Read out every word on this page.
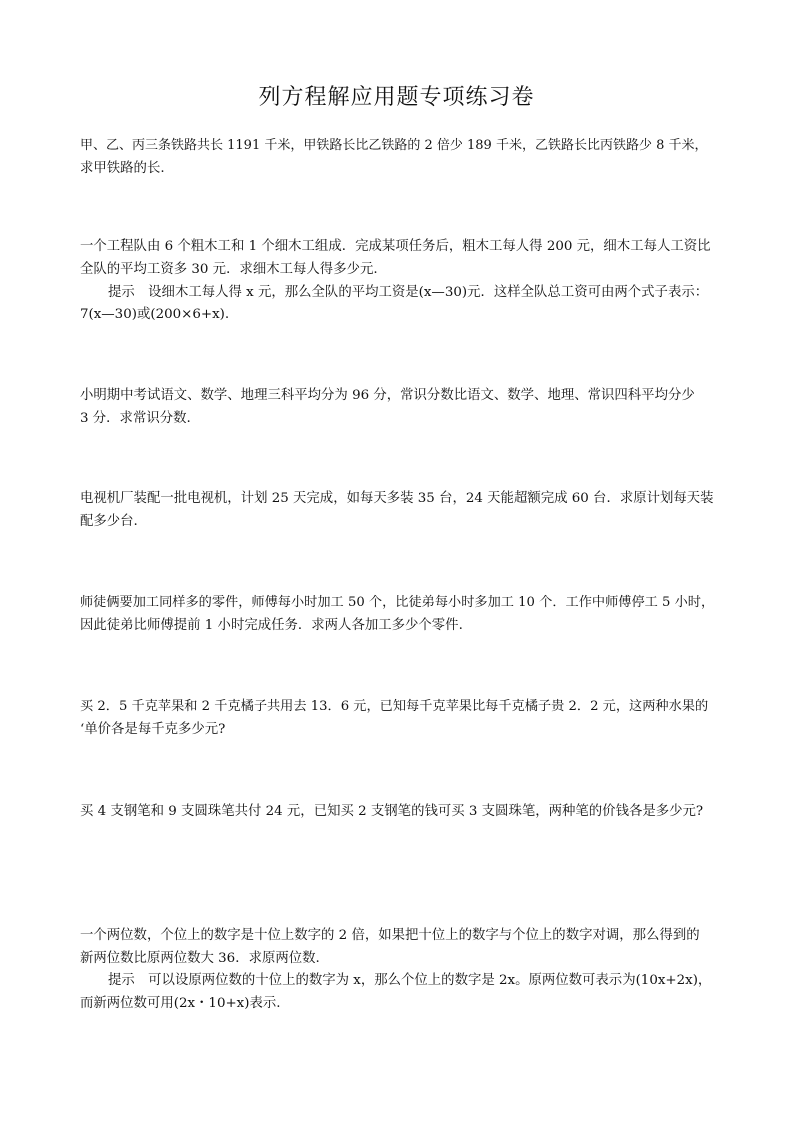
列方程解应用题专项练习卷
甲、乙、丙三条铁路共长 1191 千米，甲铁路长比乙铁路的 2 倍少 189 千米，乙铁路长比丙铁路少 8 千米，
求甲铁路的长.
一个工程队由 6 个粗木工和 1 个细木工组成．完成某项任务后，粗木工每人得 200 元，细木工每人工资比
全队的平均工资多 30 元．求细木工每人得多少元.
提示　设细木工每人得 x 元，那么全队的平均工资是(x—30)元．这样全队总工资可由两个式子表示：
7(x—30)或(200×6+x).
小明期中考试语文、数学、地理三科平均分为 96 分，常识分数比语文、数学、地理、常识四科平均分少
3 分．求常识分数.
电视机厂装配一批电视机，计划 25 天完成，如每天多装 35 台，24 天能超额完成 60 台．求原计划每天装
配多少台.
师徒俩要加工同样多的零件，师傅每小时加工 50 个，比徒弟每小时多加工 10 个．工作中师傅停工 5 小时，
因此徒弟比师傅提前 1 小时完成任务．求两人各加工多少个零件.
买 2．5 千克苹果和 2 千克橘子共用去 13．6 元，已知每千克苹果比每千克橘子贵 2．2 元，这两种水果的
‘单价各是每千克多少元?
买 4 支钢笔和 9 支圆珠笔共付 24 元，已知买 2 支钢笔的钱可买 3 支圆珠笔，两种笔的价钱各是多少元?
一个两位数，个位上的数字是十位上数字的 2 倍，如果把十位上的数字与个位上的数字对调，那么得到的
新两位数比原两位数大 36．求原两位数.
提示　可以设原两位数的十位上的数字为 x，那么个位上的数字是 2x。原两位数可表示为(10x+2x)，
而新两位数可用(2x・10+x)表示.
